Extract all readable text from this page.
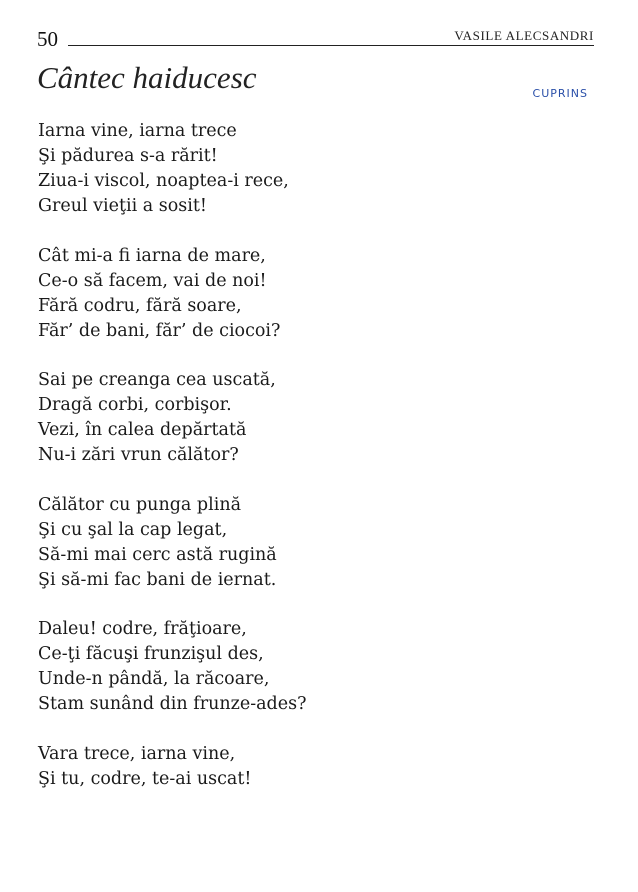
50	VASILE ALECSANDRI
Cântec haiducesc	CUPRINS
Iarna vine, iarna trece
Şi pădurea s-a rărit!
Ziua-i viscol, noaptea-i rece,
Greul vieţii a sosit!
Cât mi-a fi iarna de mare,
Ce-o să facem, vai de noi!
Fără codru, fără soare,
Făr’ de bani, făr’ de ciocoi?
Sai pe creanga cea uscată,
Dragă corbi, corbişor.
Vezi, în calea depărtată
Nu-i zări vrun călător?
Călător cu punga plină
Şi cu şal la cap legat,
Să-mi mai cerc astă rugină
Şi să-mi fac bani de iernat.
Daleu! codre, frăţioare,
Ce-ţi făcuşi frunzişul des,
Unde-n pândă, la răcoare,
Stam sunând din frunze-ades?
Vara trece, iarna vine,
Şi tu, codre, te-ai uscat!
